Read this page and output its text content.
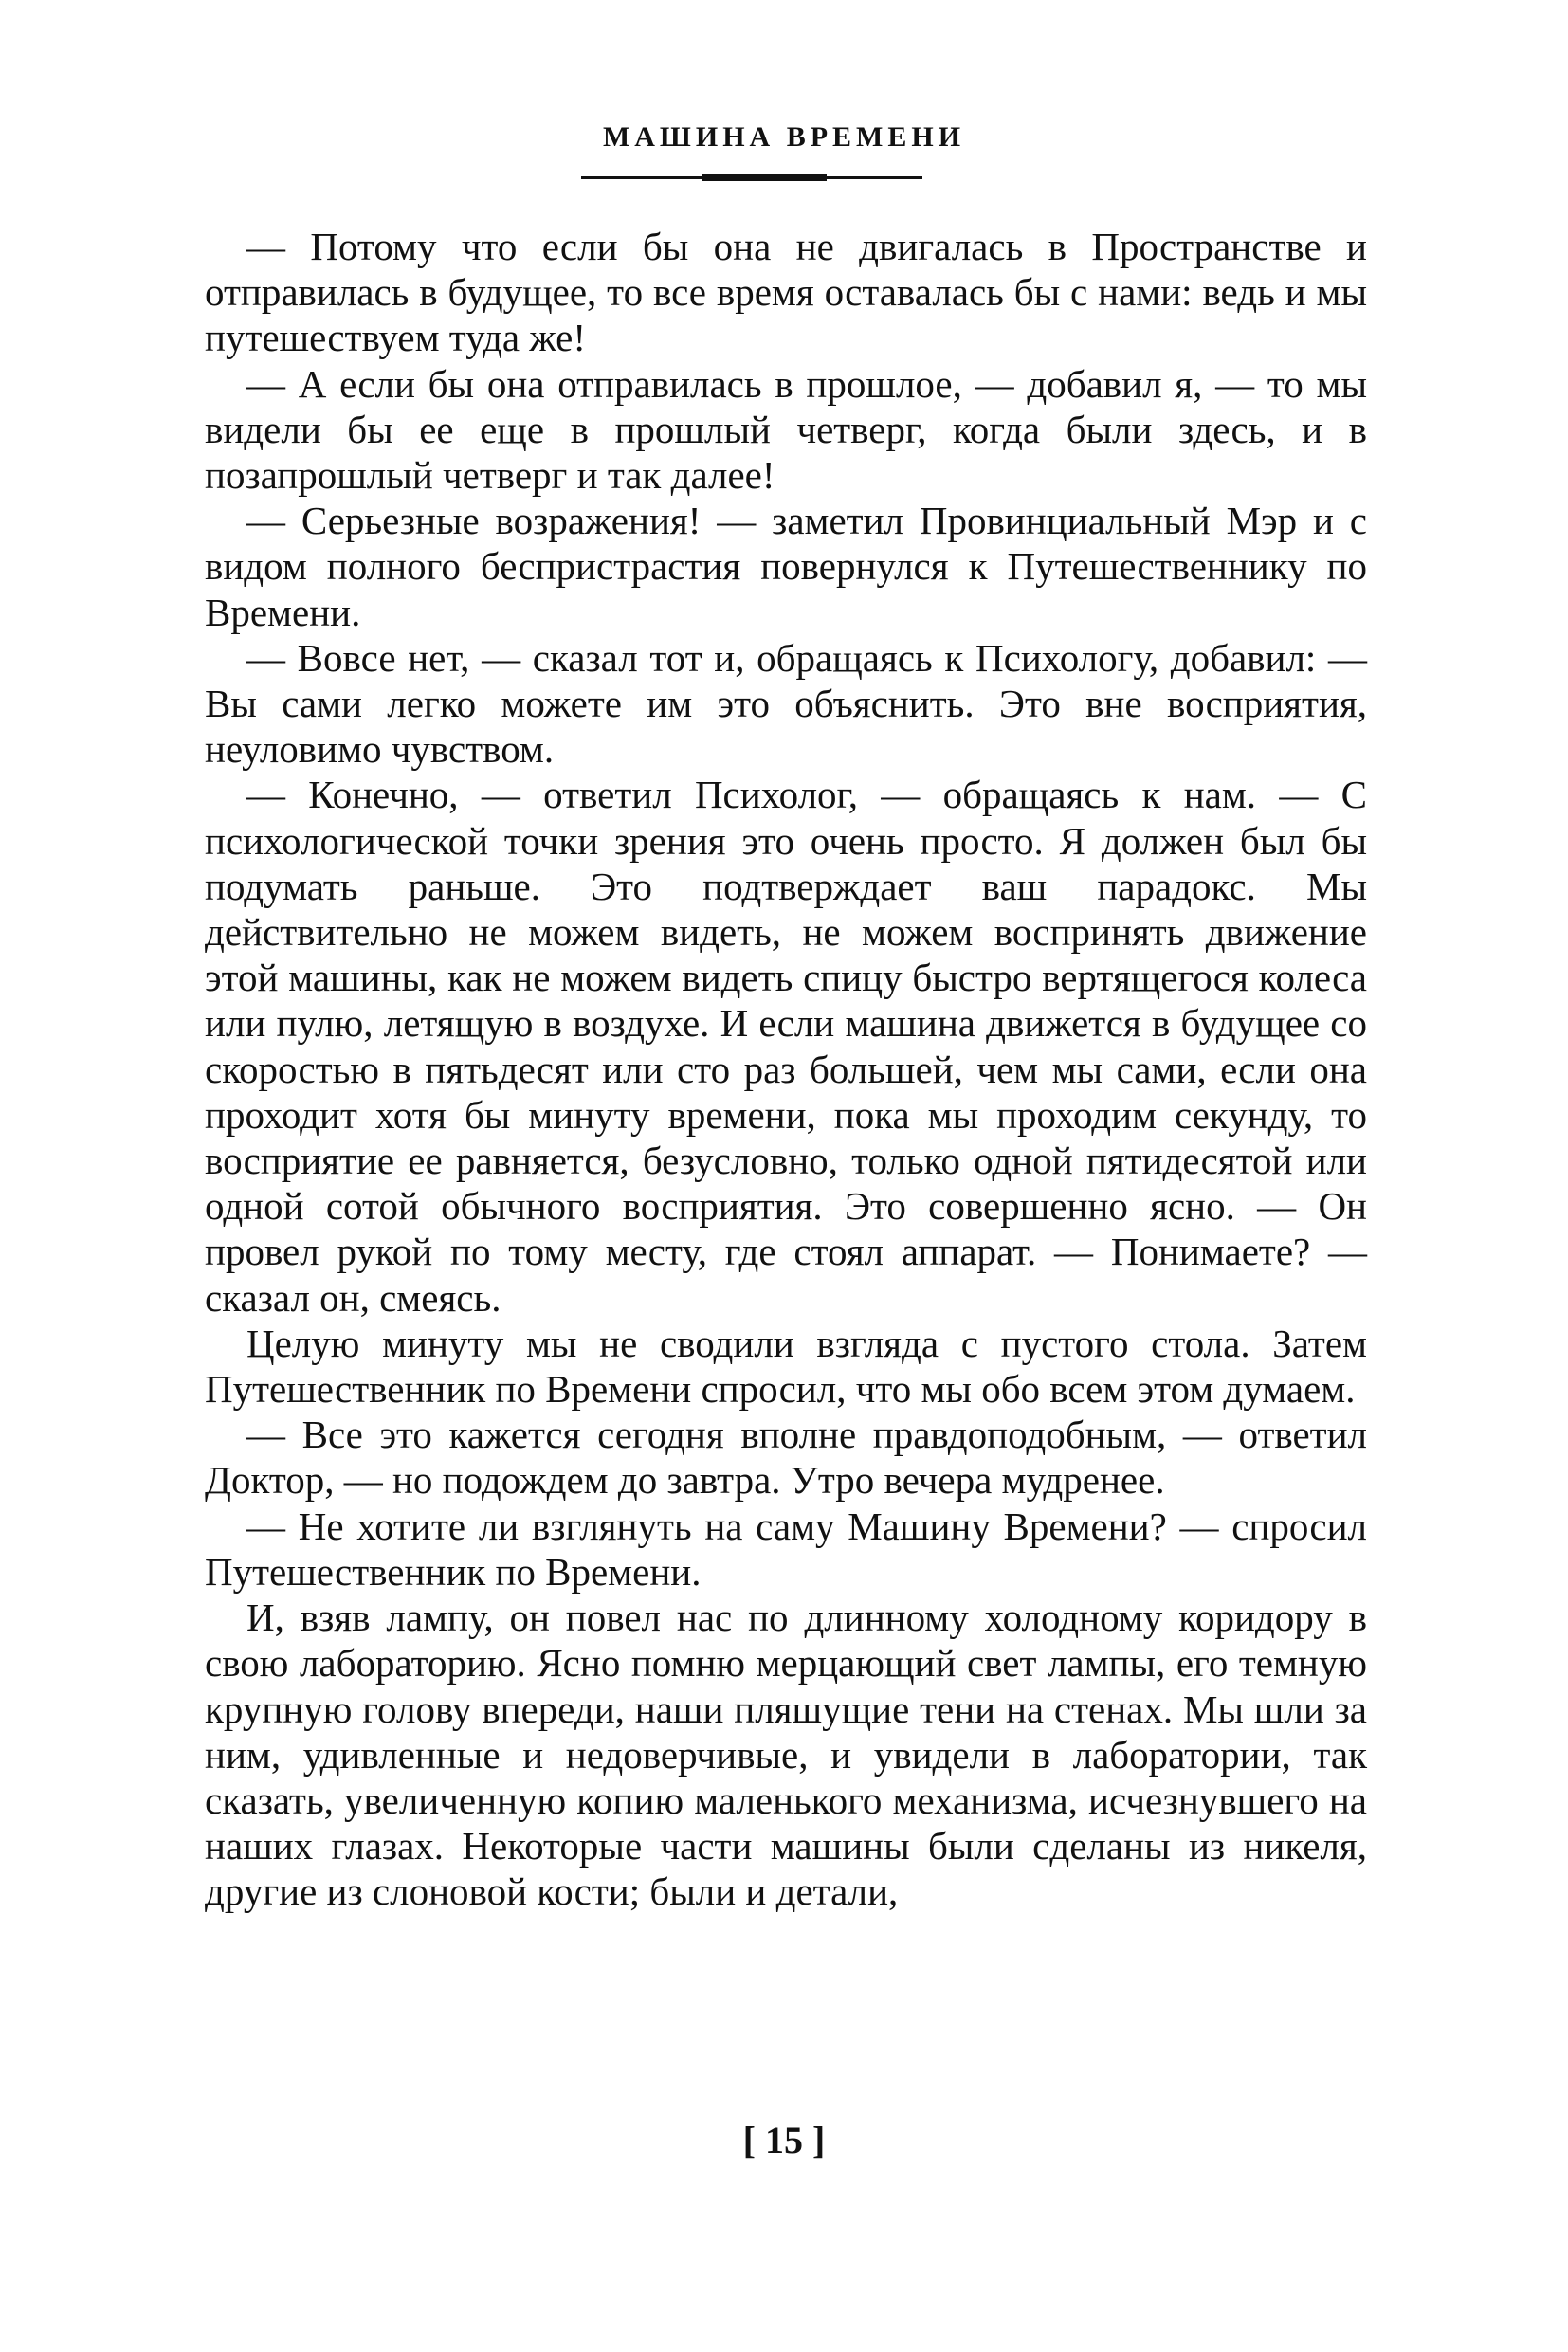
МАШИНА ВРЕМЕНИ

— Потому что если бы она не двигалась в Пространстве и отправилась в будущее, то все время оставалась бы с нами: ведь и мы путешествуем туда же!

— А если бы она отправилась в прошлое, — добавил я, — то мы видели бы ее еще в прошлый четверг, когда были здесь, и в позапрошлый четверг и так далее!

— Серьезные возражения! — заметил Провинциальный Мэр и с видом полного беспристрастия повернулся к Путешественнику по Времени.

— Вовсе нет, — сказал тот и, обращаясь к Психологу, добавил: — Вы сами легко можете им это объяснить. Это вне восприятия, неуловимо чувством.

— Конечно, — ответил Психолог, — обращаясь к нам. — С психологической точки зрения это очень просто. Я должен был бы подумать раньше. Это подтверждает ваш парадокс. Мы действительно не можем видеть, не можем воспринять движение этой машины, как не можем видеть спицу быстро вертящегося колеса или пулю, летящую в воздухе. И если машина движется в будущее со скоростью в пятьдесят или сто раз большей, чем мы сами, если она проходит хотя бы минуту времени, пока мы проходим секунду, то восприятие ее равняется, безусловно, только одной пятидесятой или одной сотой обычного восприятия. Это совершенно ясно. — Он провел рукой по тому месту, где стоял аппарат. — Понимаете? — сказал он, смеясь.

Целую минуту мы не сводили взгляда с пустого стола. Затем Путешественник по Времени спросил, что мы обо всем этом думаем.

— Все это кажется сегодня вполне правдоподобным, — ответил Доктор, — но подождем до завтра. Утро вечера мудренее.

— Не хотите ли взглянуть на саму Машину Времени? — спросил Путешественник по Времени.

И, взяв лампу, он повел нас по длинному холодному коридору в свою лабораторию. Ясно помню мерцающий свет лампы, его темную крупную голову впереди, наши пляшущие тени на стенах. Мы шли за ним, удивленные и недоверчивые, и увидели в лаборатории, так сказать, увеличенную копию маленького механизма, исчезнувшего на наших глазах. Некоторые части машины были сделаны из никеля, другие из слоновой кости; были и детали,

[ 15 ]
